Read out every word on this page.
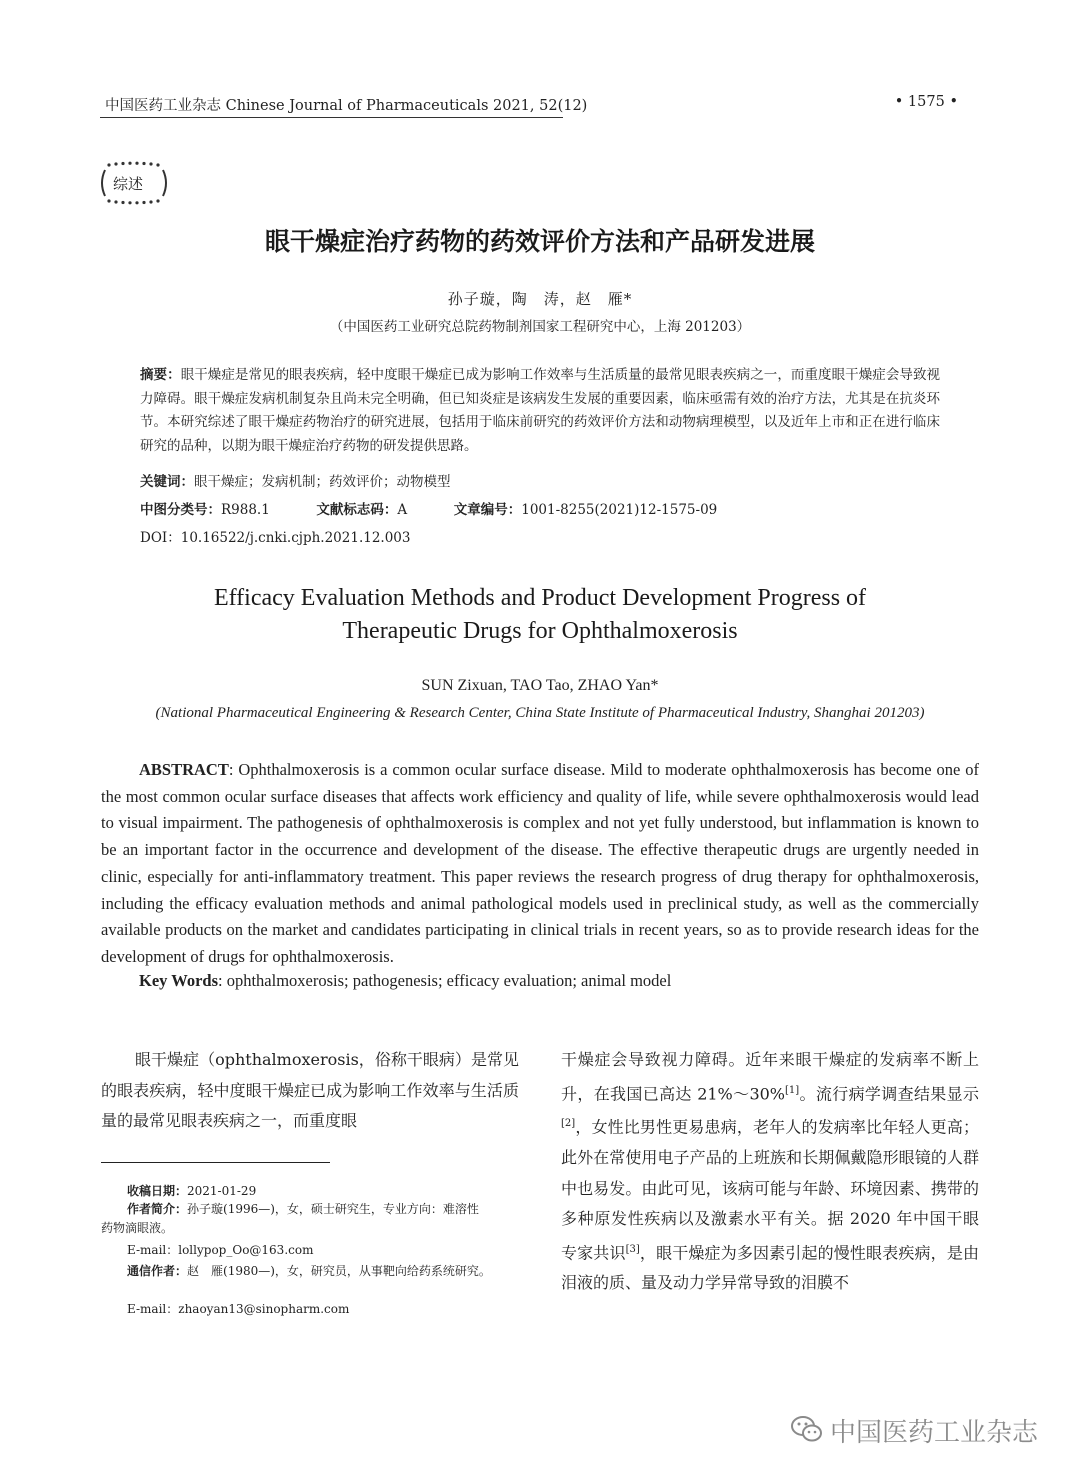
中国医药工业杂志 Chinese Journal of Pharmaceuticals 2021, 52(12)	• 1575 •
综述
眼干燥症治疗药物的药效评价方法和产品研发进展
孙子璇，陶　涛，赵　雁*
（中国医药工业研究总院药物制剂国家工程研究中心，上海 201203）
摘要：眼干燥症是常见的眼表疾病，轻中度眼干燥症已成为影响工作效率与生活质量的最常见眼表疾病之一，而重度眼干燥症会导致视力障碍。眼干燥症发病机制复杂且尚未完全明确，但已知炎症是该病发生发展的重要因素，临床亟需有效的治疗方法，尤其是在抗炎环节。本研究综述了眼干燥症药物治疗的研究进展，包括用于临床前研究的药效评价方法和动物病理模型，以及近年上市和正在进行临床研究的品种，以期为眼干燥症治疗药物的研发提供思路。
关键词：眼干燥症；发病机制；药效评价；动物模型
中图分类号：R988.1	文献标志码：A	文章编号：1001-8255(2021)12-1575-09
DOI：10.16522/j.cnki.cjph.2021.12.003
Efficacy Evaluation Methods and Product Development Progress of
Therapeutic Drugs for Ophthalmoxerosis
SUN Zixuan, TAO Tao, ZHAO Yan*
(National Pharmaceutical Engineering & Research Center, China State Institute of Pharmaceutical Industry, Shanghai 201203)
ABSTRACT: Ophthalmoxerosis is a common ocular surface disease. Mild to moderate ophthalmoxerosis has become one of the most common ocular surface diseases that affects work efficiency and quality of life, while severe ophthalmoxerosis would lead to visual impairment. The pathogenesis of ophthalmoxerosis is complex and not yet fully understood, but inflammation is known to be an important factor in the occurrence and development of the disease. The effective therapeutic drugs are urgently needed in clinic, especially for anti-inflammatory treatment. This paper reviews the research progress of drug therapy for ophthalmoxerosis, including the efficacy evaluation methods and animal pathological models used in preclinical study, as well as the commercially available products on the market and candidates participating in clinical trials in recent years, so as to provide research ideas for the development of drugs for ophthalmoxerosis.
Key Words: ophthalmoxerosis; pathogenesis; efficacy evaluation; animal model
眼干燥症（ophthalmoxerosis，俗称干眼病）是常见的眼表疾病，轻中度眼干燥症已成为影响工作效率与生活质量的最常见眼表疾病之一，而重度眼
干燥症会导致视力障碍。近年来眼干燥症的发病率不断上升，在我国已高达 21%～30%[1]。流行病学调查结果显示[2]，女性比男性更易患病，老年人的发病率比年轻人更高；此外在常使用电子产品的上班族和长期佩戴隐形眼镜的人群中也易发。由此可见，该病可能与年龄、环境因素、携带的多种原发性疾病以及激素水平有关。据 2020 年中国干眼专家共识[3]，眼干燥症为多因素引起的慢性眼表疾病，是由泪液的质、量及动力学异常导致的泪膜不
收稿日期：2021-01-29
作者简介：孙子璇(1996—)，女，硕士研究生，专业方向：难溶性
药物滴眼液。
E-mail：lollypop_Oo@163.com
通信作者：赵　雁(1980—)，女，研究员，从事靶向给药系统研究。
E-mail：zhaoyan13@sinopharm.com
中国医药工业杂志
